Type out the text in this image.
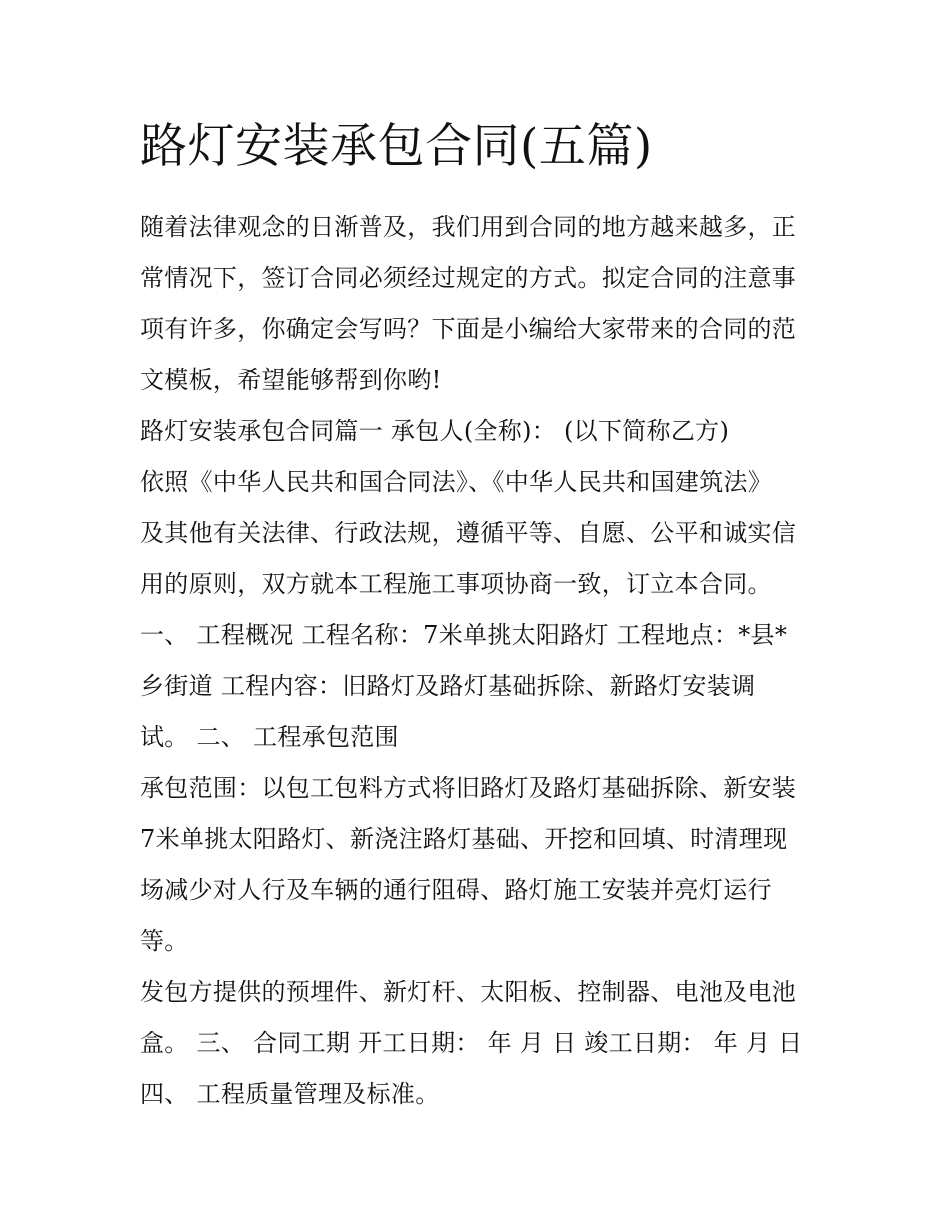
路灯安装承包合同(五篇)

随着法律观念的日渐普及，我们用到合同的地方越来越多，正
常情况下，签订合同必须经过规定的方式。拟定合同的注意事
项有许多，你确定会写吗？下面是小编给大家带来的合同的范
文模板，希望能够帮到你哟!

路灯安装承包合同篇一 承包人(全称)： (以下简称乙方)

依照《中华人民共和国合同法》、《中华人民共和国建筑法》
及其他有关法律、行政法规，遵循平等、自愿、公平和诚实信
用的原则，双方就本工程施工事项协商一致，订立本合同。
一、 工程概况 工程名称：7米单挑太阳路灯 工程地点：*县*
乡街道 工程内容：旧路灯及路灯基础拆除、新路灯安装调
试。 二、 工程承包范围

承包范围：以包工包料方式将旧路灯及路灯基础拆除、新安装
7米单挑太阳路灯、新浇注路灯基础、开挖和回填、时清理现
场减少对人行及车辆的通行阻碍、路灯施工安装并亮灯运行
等。

发包方提供的预埋件、新灯杆、太阳板、控制器、电池及电池
盒。 三、 合同工期 开工日期： 年 月 日 竣工日期： 年 月 日
四、 工程质量管理及标准。
